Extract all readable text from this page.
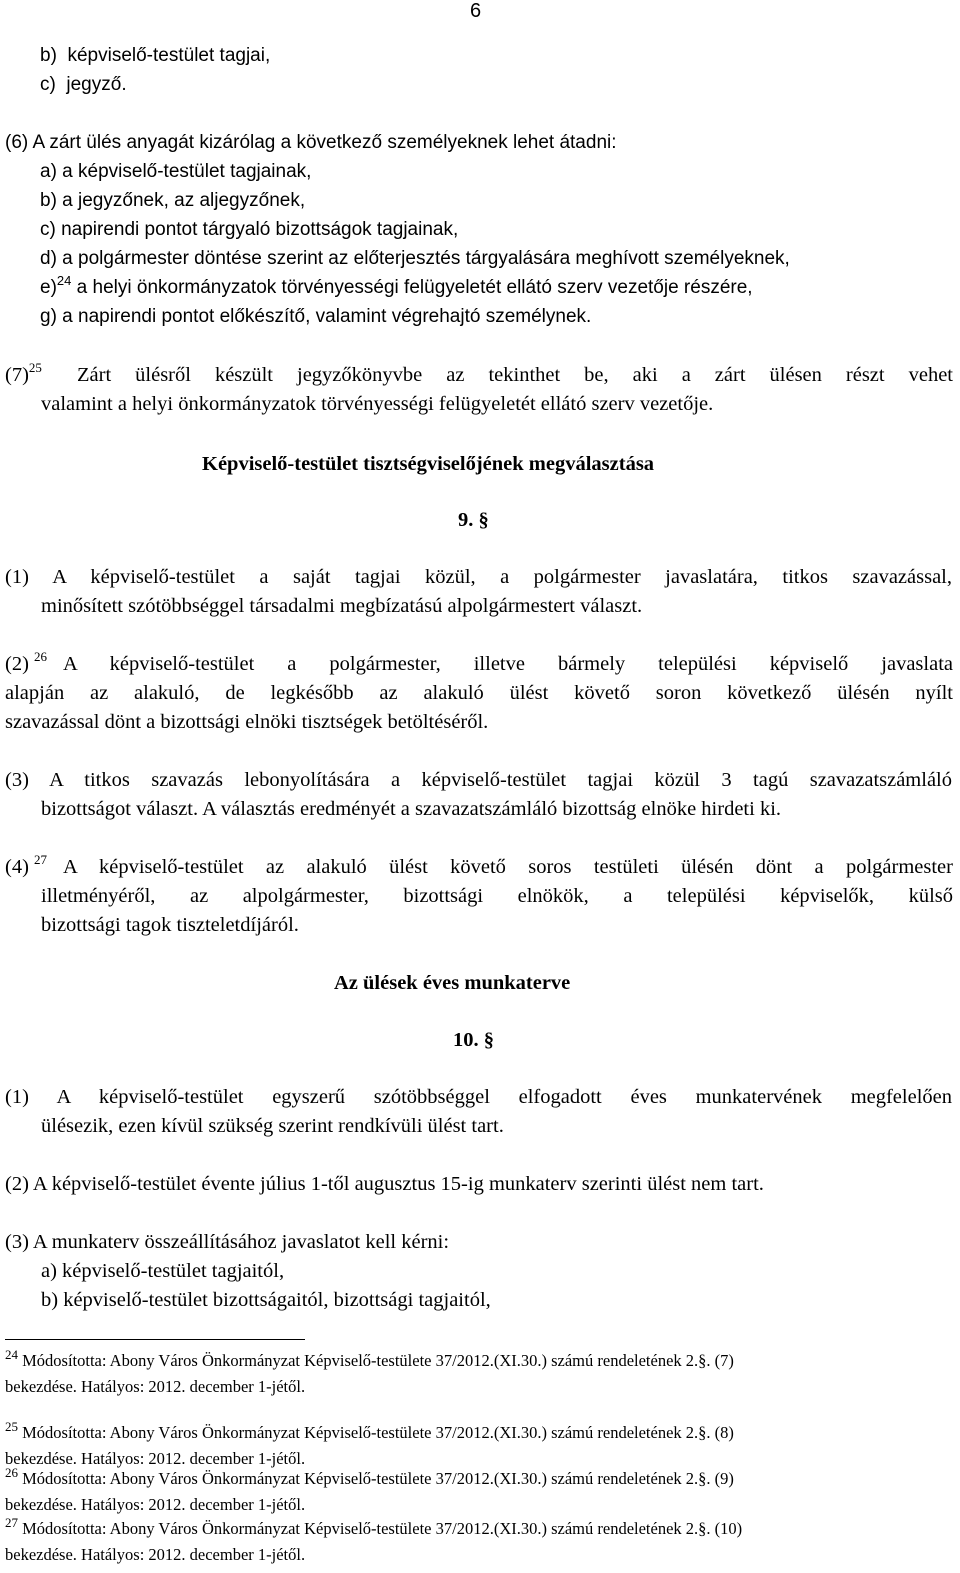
6
b) képviselő-testület tagjai,
c) jegyző.
(6) A zárt ülés anyagát kizárólag a következő személyeknek lehet átadni:
a) a képviselő-testület tagjainak,
b) a jegyzőnek, az aljegyzőnek,
c) napirendi pontot tárgyaló bizottságok tagjainak,
d) a polgármester döntése szerint az előterjesztés tárgyalására meghívott személyeknek,
e)$^{24}$ a helyi önkormányzatok törvényességi felügyeletét ellátó szerv vezetője részére,
g) a napirendi pontot előkészítő, valamint végrehajtó személynek.
$(7)^{25}$ Zárt ülésről készült jegyzőkönyvbe az tekinthet be, aki a zárt ülésen részt vehet
valamint a helyi önkormányzatok törvényességi felügyeletét ellátó szerv vezetője.
Képviselő-testület tisztségviselőjének megválasztása
9. §
(1) A képviselő-testület a saját tagjai közül, a polgármester javaslatára, titkos szavazással,
minősített szótöbbséggel társadalmi megbízatású alpolgármestert választ.
(2) $^{26}$ A képviselő-testület a polgármester, illetve bármely települési képviselő javaslata
alapján az alakuló, de legkésőbb az alakuló ülést követő soron következő ülésén nyílt
szavazással dönt a bizottsági elnöki tisztségek betöltéséről.
(3) A titkos szavazás lebonyolítására a képviselő-testület tagjai közül 3 tagú szavazatszámláló
bizottságot választ. A választás eredményét a szavazatszámláló bizottság elnöke hirdeti ki.
(4) $^{27}$ A képviselő-testület az alakuló ülést követő soros testületi ülésén dönt a polgármester
illetményéről, az alpolgármester, bizottsági elnökök, a települési képviselők, külső
bizottsági tagok tiszteletdíjáról.
Az ülések éves munkaterve
10. §
(1) A képviselő-testület egyszerű szótöbbséggel elfogadott éves munkatervének megfelelően
ülésezik, ezen kívül szükség szerint rendkívüli ülést tart.
(2) A képviselő-testület évente július 1-től augusztus 15-ig munkaterv szerinti ülést nem tart.
(3) A munkaterv összeállításához javaslatot kell kérni:
a) képviselő-testület tagjaitól,
b) képviselő-testület bizottságaitól, bizottsági tagjaitól,
$^{24}$ Módosította: Abony Város Önkormányzat Képviselő-testülete 37/2012.(XI.30.) számú rendeletének 2.§. (7)
bekezdése. Hatályos: 2012. december 1-jétől.
$^{25}$ Módosította: Abony Város Önkormányzat Képviselő-testülete 37/2012.(XI.30.) számú rendeletének 2.§. (8)
bekezdése. Hatályos: 2012. december 1-jétől.
$^{26}$ Módosította: Abony Város Önkormányzat Képviselő-testülete 37/2012.(XI.30.) számú rendeletének 2.§. (9)
bekezdése. Hatályos: 2012. december 1-jétől.
$^{27}$ Módosította: Abony Város Önkormányzat Képviselő-testülete 37/2012.(XI.30.) számú rendeletének 2.§. (10)
bekezdése. Hatályos: 2012. december 1-jétől.
